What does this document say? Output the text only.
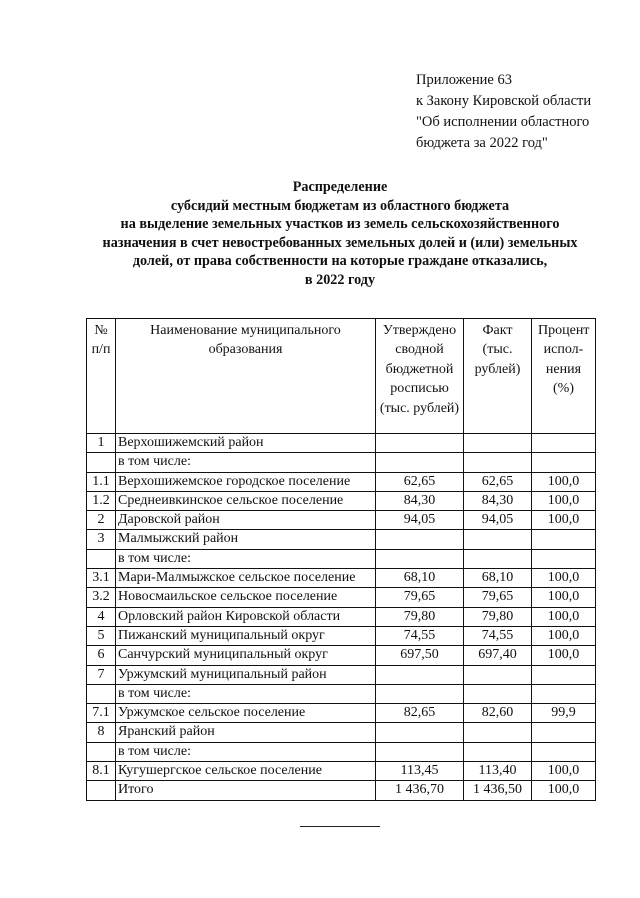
Приложение 63
к Закону Кировской области
"Об исполнении областного
бюджета за 2022 год"
Распределение
субсидий местным бюджетам из областного бюджета
на выделение земельных участков из земель сельскохозяйственного
назначения в счет невостребованных земельных долей и (или) земельных
долей, от права собственности на которые граждане отказались,
в 2022 году
№ п/п	Наименование муниципального образования	Утверждено сводной бюджетной росписью (тыс. рублей)	Факт (тыс. рублей)	Процент испол-нения (%)
1	Верхошижемский район			
	в том числе:			
1.1	Верхошижемское городское поселение	62,65	62,65	100,0
1.2	Среднеивкинское сельское поселение	84,30	84,30	100,0
2	Даровской район	94,05	94,05	100,0
3	Малмыжский район			
	в том числе:			
3.1	Мари-Малмыжское сельское поселение	68,10	68,10	100,0
3.2	Новосмаильское сельское поселение	79,65	79,65	100,0
4	Орловский район Кировской области	79,80	79,80	100,0
5	Пижанский муниципальный округ	74,55	74,55	100,0
6	Санчурский муниципальный округ	697,50	697,40	100,0
7	Уржумский муниципальный район			
	в том числе:			
7.1	Уржумское сельское поселение	82,65	82,60	99,9
8	Яранский район			
	в том числе:			
8.1	Кугушергское сельское поселение	113,45	113,40	100,0
	Итого	1 436,70	1 436,50	100,0
